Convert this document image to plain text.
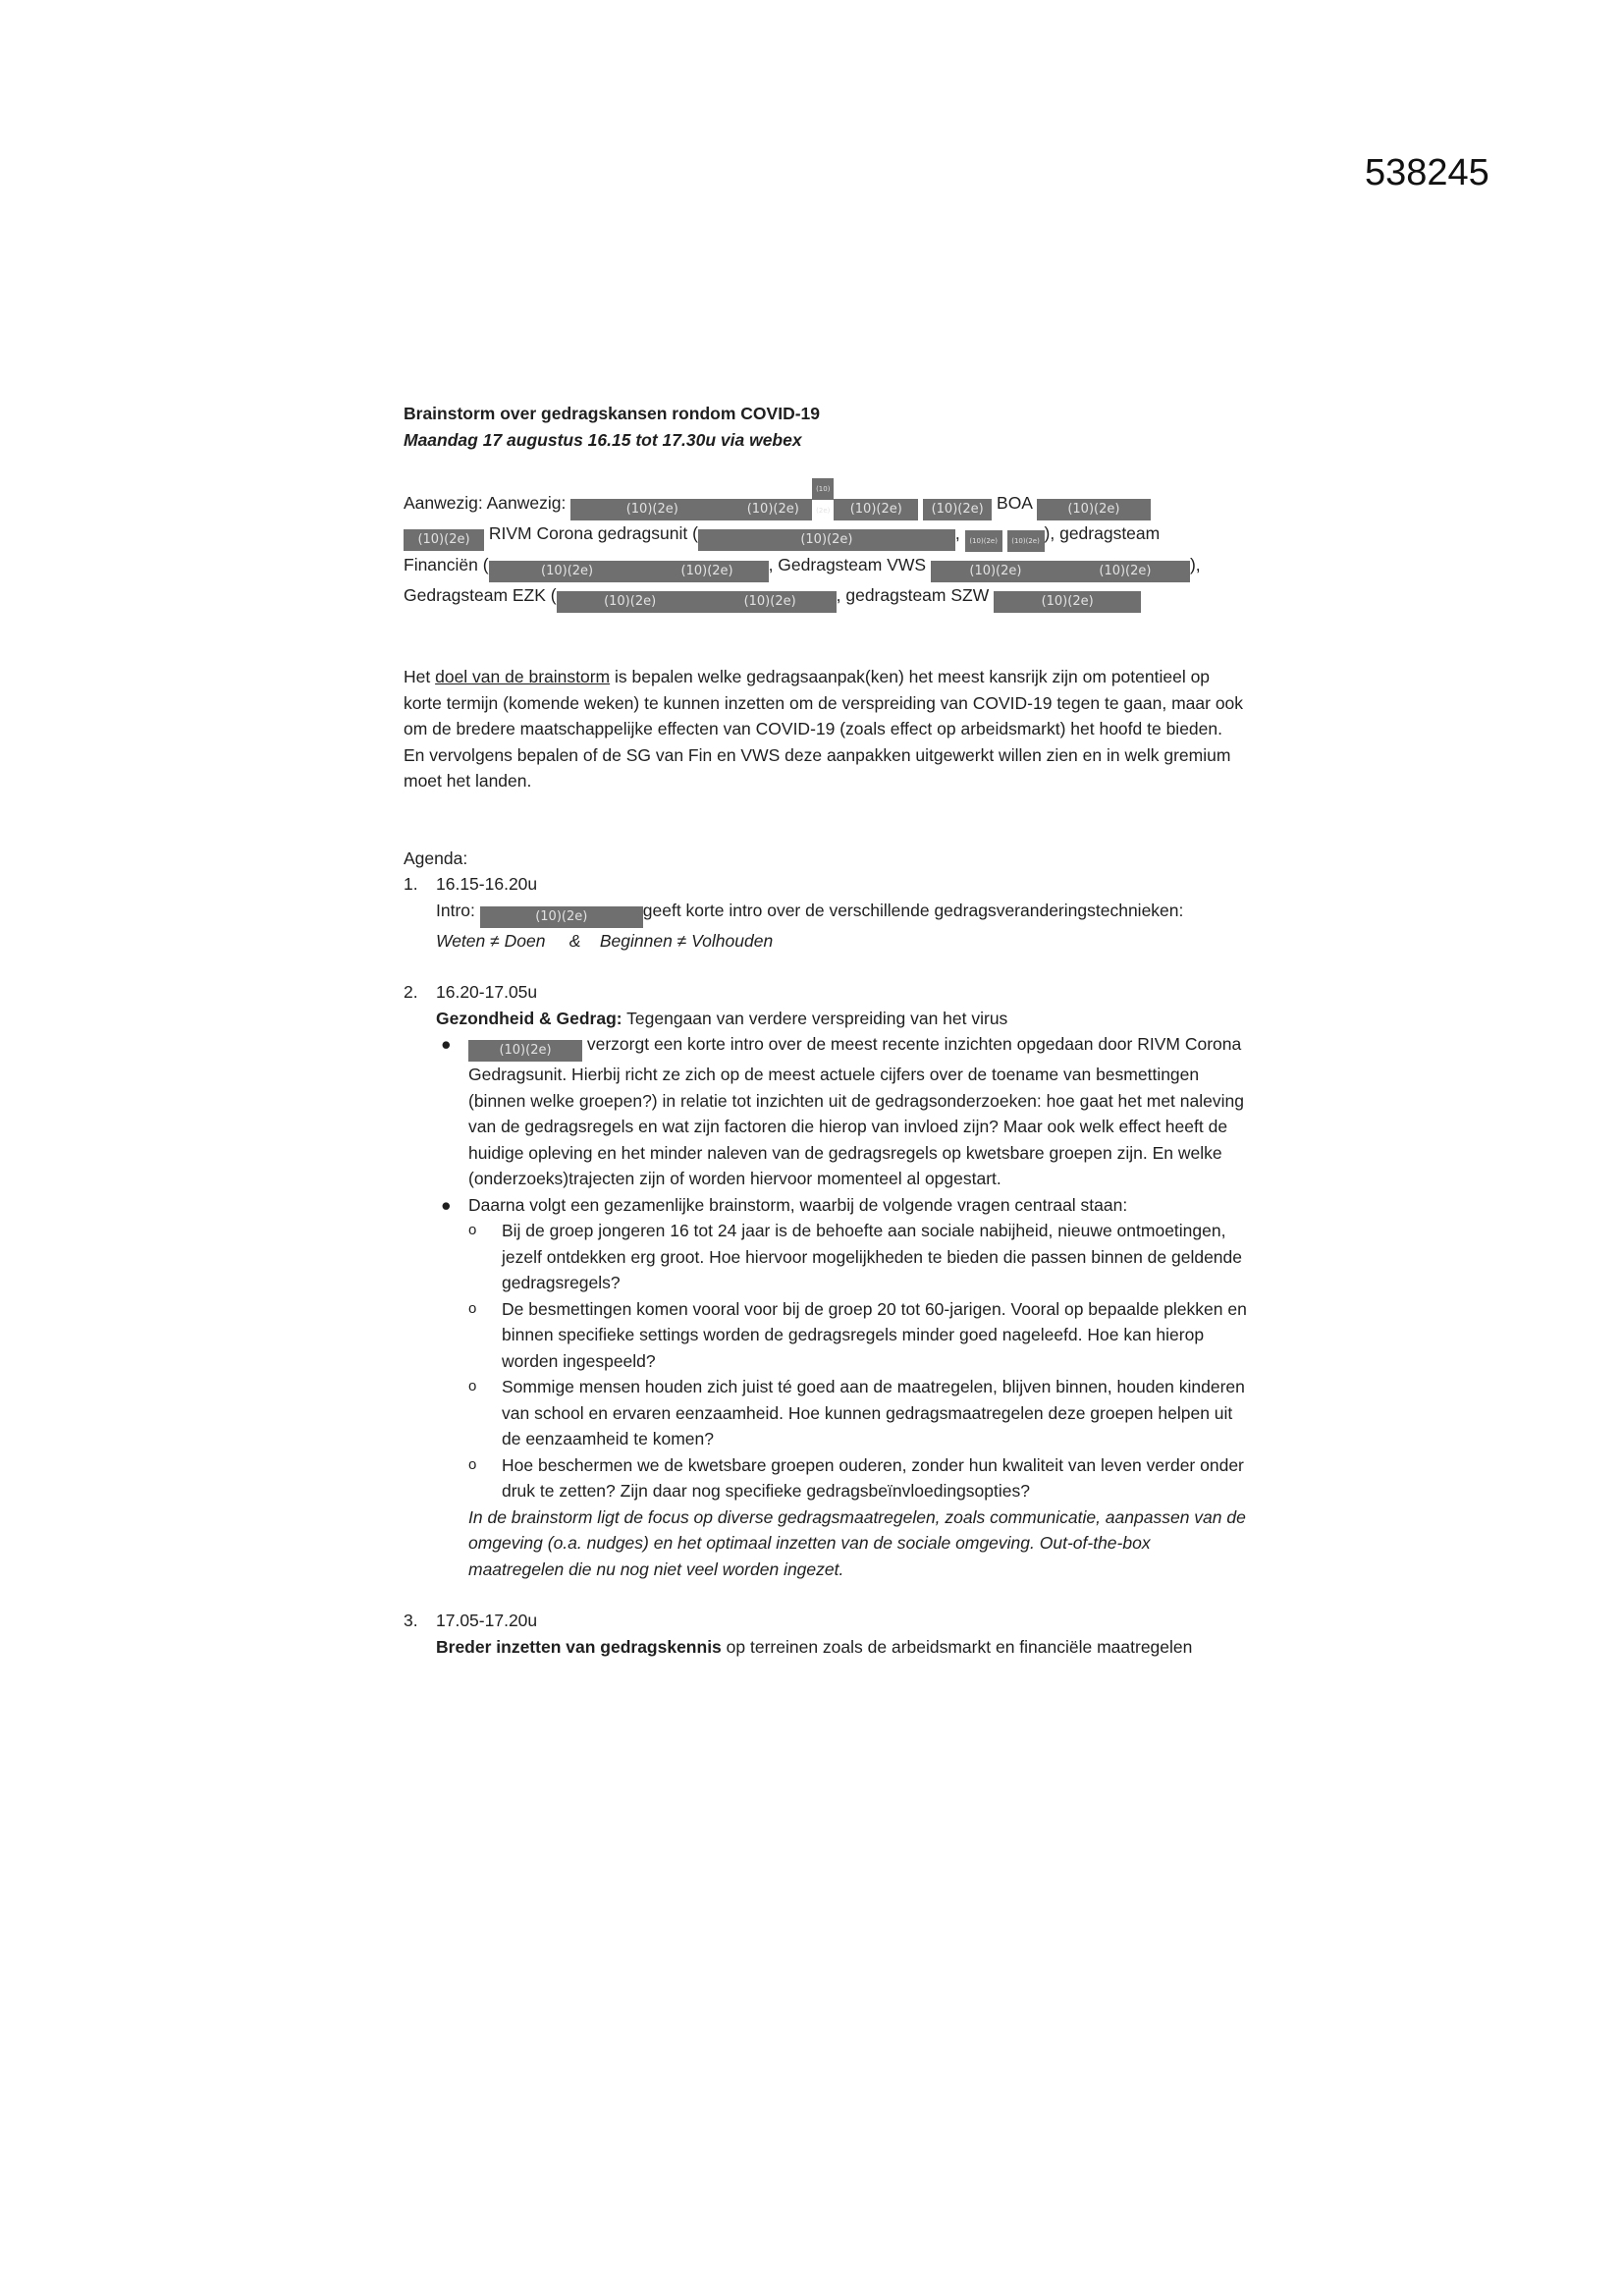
538245

Brainstorm over gedragskansen rondom COVID-19

Maandag 17 augustus 16.15 tot 17.30u via webex

Aanwezig: Aanwezig:	(10)(2e)	(10)(2e)(10)(2e) (10)(2e) (10)(2e) BOA	(10)(2e)

(10)(2e) RIVM Corona gedragsunit (	(10)(2e)	, (10)(2e) (10)(2e) ), gedragsteam

Financiën (	(10)(2e)	(10)(2e) , Gedragsteam VWS	(10)(2e)	(10)(2e) ),

Gedragsteam EZK (	(10)(2e)	(10)(2e) , gedragsteam SZW	(10)(2e)

Het doel van de brainstorm is bepalen welke gedragsaanpak(ken) het meest kansrijk zijn om potentieel op korte termijn (komende weken) te kunnen inzetten om de verspreiding van COVID-19 tegen te gaan, maar ook om de bredere maatschappelijke effecten van COVID-19 (zoals effect op arbeidsmarkt) het hoofd te bieden. En vervolgens bepalen of de SG van Fin en VWS deze aanpakken uitgewerkt willen zien en in welk gremium moet het landen.

Agenda:

1. 16.15-16.20u

Intro:	(10)(2e)	geeft korte intro over de verschillende gedragsveranderingstechnieken:

Weten ≠ Doen     &    Beginnen ≠ Volhouden

2. 16.20-17.05u

Gezondheid & Gedrag: Tegengaan van verdere verspreiding van het virus

●	(10)(2e) verzorgt een korte intro over de meest recente inzichten opgedaan door RIVM Corona Gedragsunit. Hierbij richt ze zich op de meest actuele cijfers over de toename van besmettingen (binnen welke groepen?) in relatie tot inzichten uit de gedragsonderzoeken: hoe gaat het met naleving van de gedragsregels en wat zijn factoren die hierop van invloed zijn? Maar ook welk effect heeft de huidige opleving en het minder naleven van de gedragsregels op kwetsbare groepen zijn. En welke (onderzoeks)trajecten zijn of worden hiervoor momenteel al opgestart.

● Daarna volgt een gezamenlijke brainstorm, waarbij de volgende vragen centraal staan:

o Bij de groep jongeren 16 tot 24 jaar is de behoefte aan sociale nabijheid, nieuwe ontmoetingen, jezelf ontdekken erg groot. Hoe hiervoor mogelijkheden te bieden die passen binnen de geldende gedragsregels?

o De besmettingen komen vooral voor bij de groep 20 tot 60-jarigen. Vooral op bepaalde plekken en binnen specifieke settings worden de gedragsregels minder goed nageleefd. Hoe kan hierop worden ingespeeld?

o Sommige mensen houden zich juist té goed aan de maatregelen, blijven binnen, houden kinderen van school en ervaren eenzaamheid. Hoe kunnen gedragsmaatregelen deze groepen helpen uit de eenzaamheid te komen?

o Hoe beschermen we de kwetsbare groepen ouderen, zonder hun kwaliteit van leven verder onder druk te zetten? Zijn daar nog specifieke gedragsbeïnvloedingsopties?

In de brainstorm ligt de focus op diverse gedragsmaatregelen, zoals communicatie, aanpassen van de omgeving (o.a. nudges) en het optimaal inzetten van de sociale omgeving. Out-of-the-box maatregelen die nu nog niet veel worden ingezet.

3. 17.05-17.20u

Breder inzetten van gedragskennis op terreinen zoals de arbeidsmarkt en financiële maatregelen
